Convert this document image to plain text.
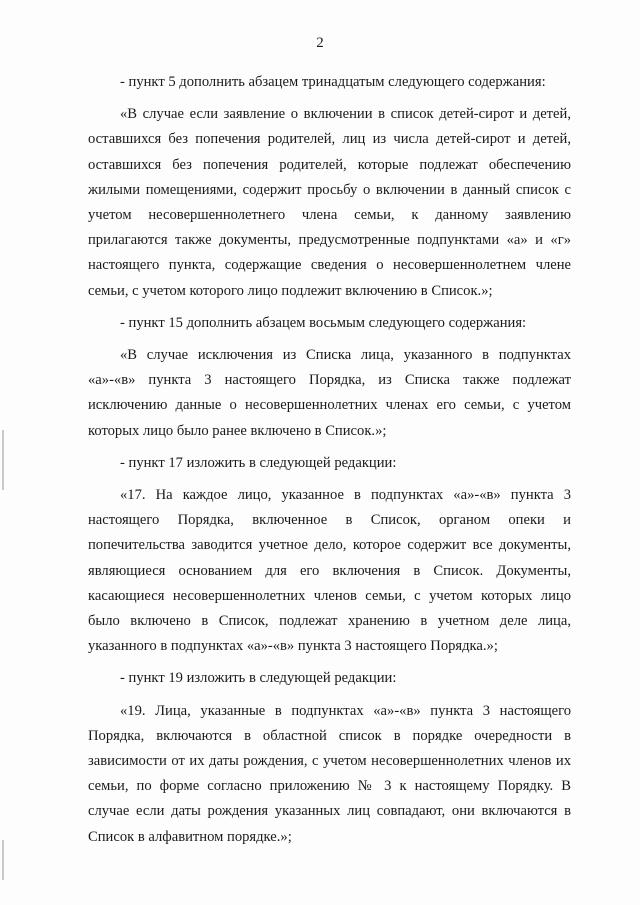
2
- пункт 5 дополнить абзацем тринадцатым следующего содержания:
«В случае если заявление о включении в список детей-сирот и детей,
оставшихся без попечения родителей, лиц из числа детей-сирот и детей,
оставшихся без попечения родителей, которые подлежат обеспечению
жилыми помещениями, содержит просьбу о включении в данный список с
учетом несовершеннолетнего члена семьи, к данному заявлению
прилагаются также документы, предусмотренные подпунктами «а» и «г»
настоящего пункта, содержащие сведения о несовершеннолетнем члене
семьи, с учетом которого лицо подлежит включению в Список.»;
- пункт 15 дополнить абзацем восьмым следующего содержания:
«В случае исключения из Списка лица, указанного в подпунктах
«а»-«в» пункта 3 настоящего Порядка, из Списка также подлежат
исключению данные о несовершеннолетних членах его семьи, с учетом
которых лицо было ранее включено в Список.»;
- пункт 17 изложить в следующей редакции:
«17. На каждое лицо, указанное в подпунктах «а»-«в» пункта 3
настоящего Порядка, включенное в Список, органом опеки и
попечительства заводится учетное дело, которое содержит все документы,
являющиеся основанием для его включения в Список. Документы,
касающиеся несовершеннолетних членов семьи, с учетом которых лицо
было включено в Список, подлежат хранению в учетном деле лица,
указанного в подпунктах «а»-«в» пункта 3 настоящего Порядка.»;
- пункт 19 изложить в следующей редакции:
«19. Лица, указанные в подпунктах «а»-«в» пункта 3 настоящего
Порядка, включаются в областной список в порядке очередности в
зависимости от их даты рождения, с учетом несовершеннолетних членов их
семьи, по форме согласно приложению № 3 к настоящему Порядку. В
случае если даты рождения указанных лиц совпадают, они включаются в
Список в алфавитном порядке.»;
